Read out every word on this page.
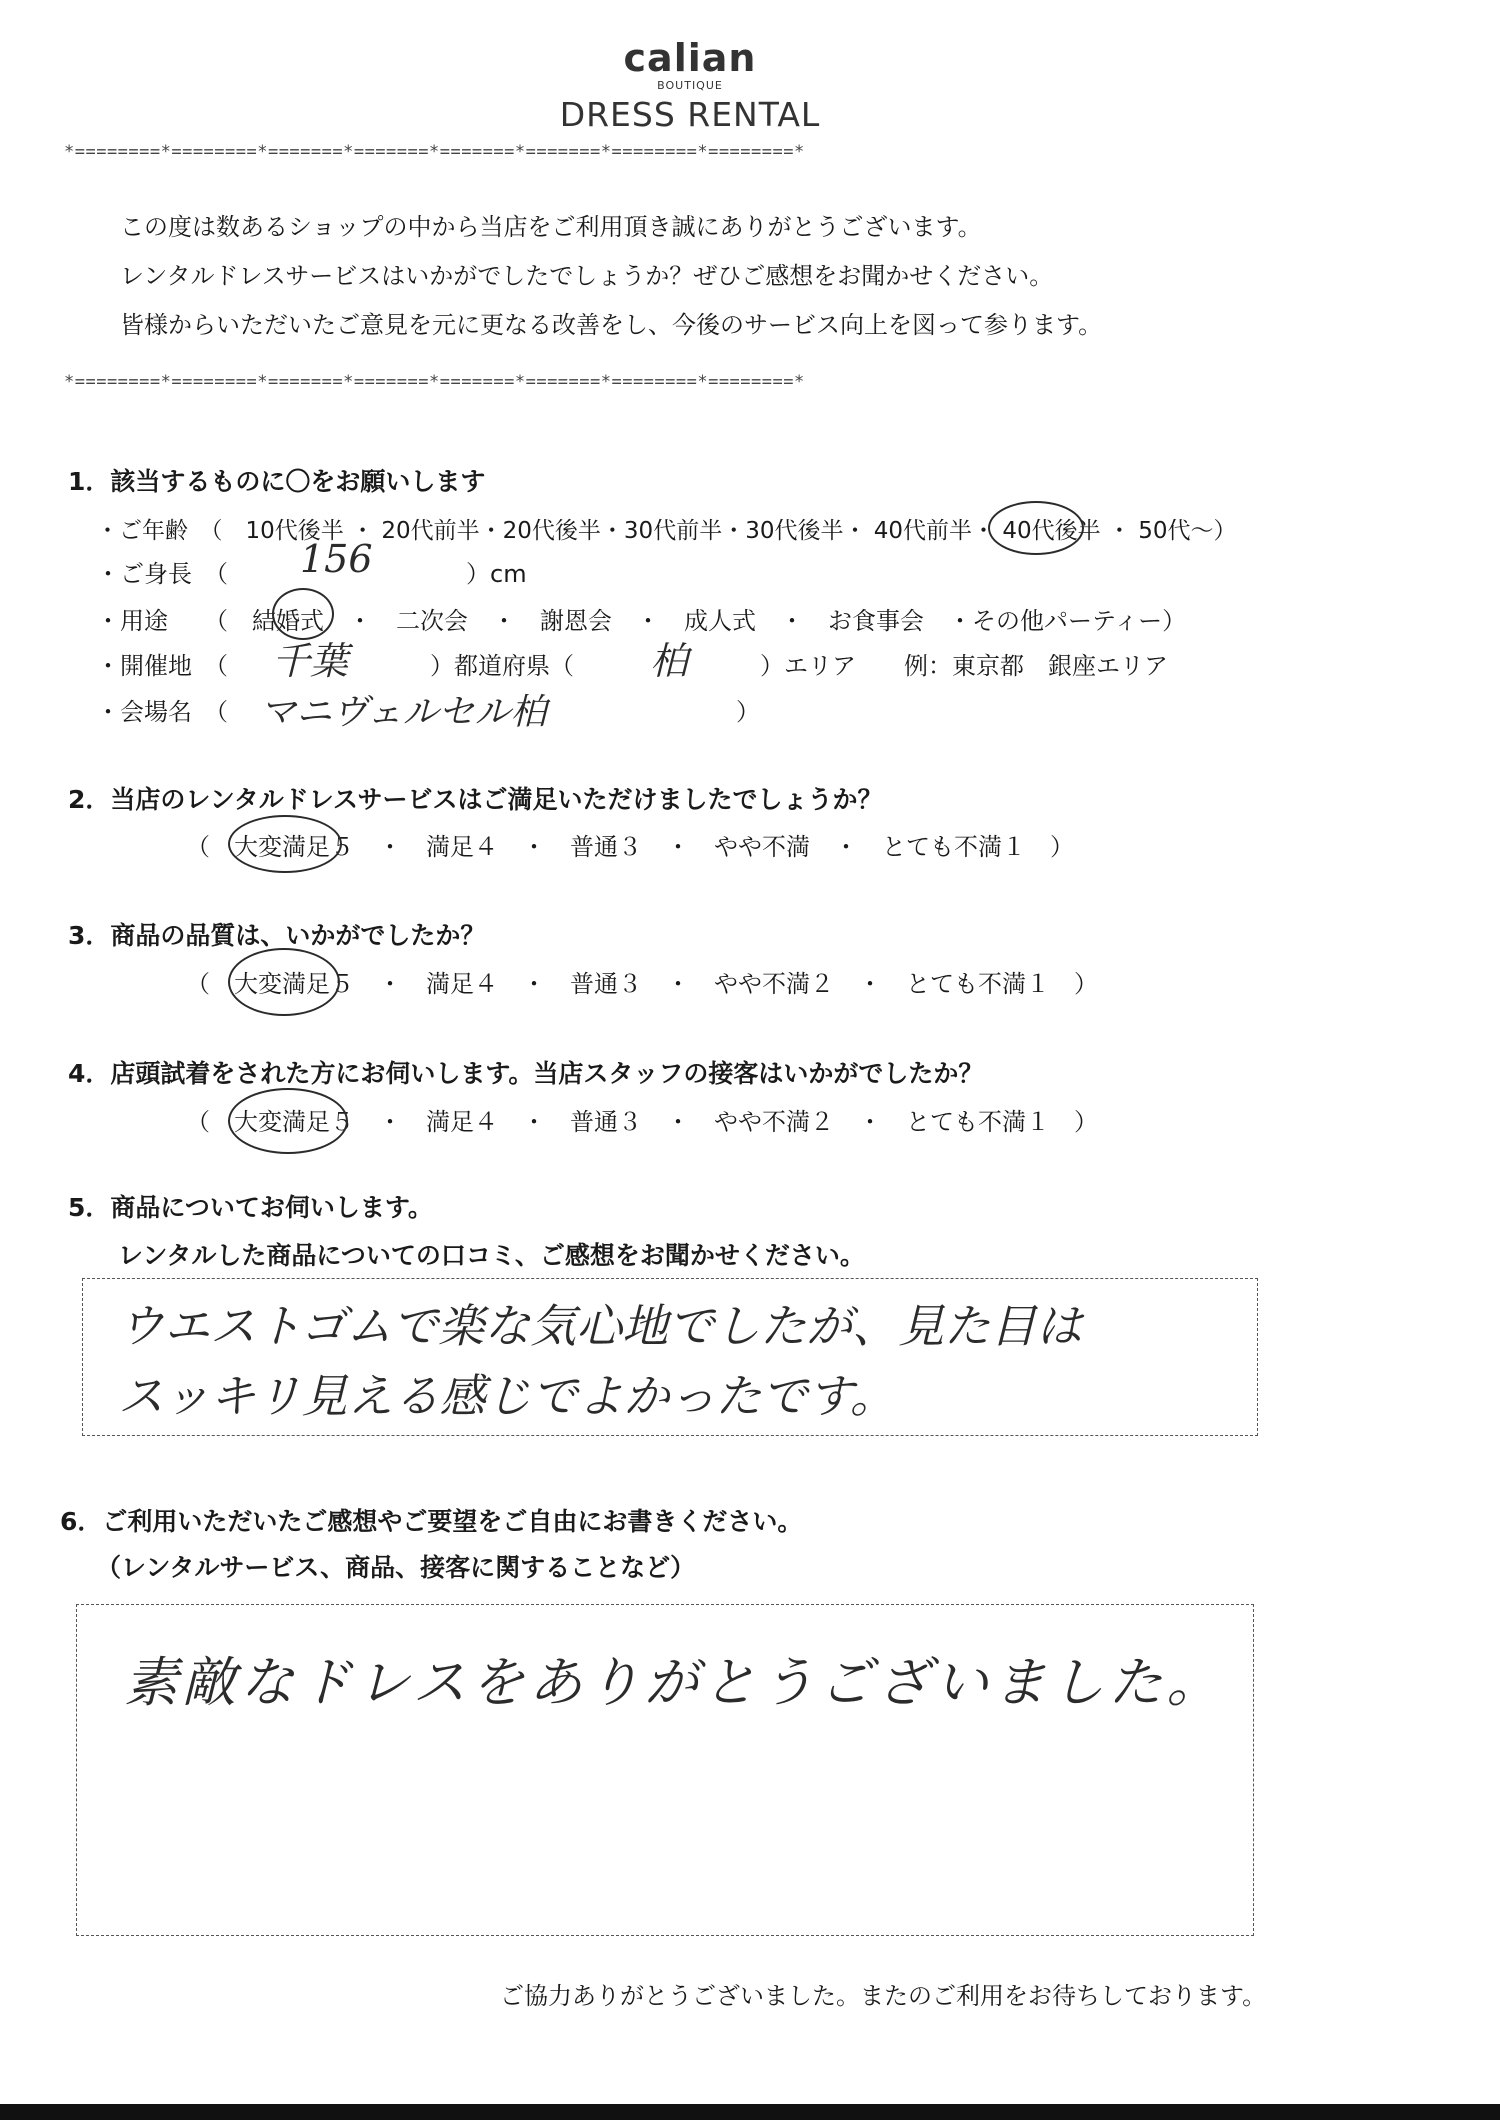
calian
BOUTIQUE
DRESS RENTAL
*========*========*=======*=======*=======*=======*========*========*
この度は数あるショップの中から当店をご利用頂き誠にありがとうございます。
レンタルドレスサービスはいかがでしたでしょうか？ぜひご感想をお聞かせください。
皆様からいただいたご意見を元に更なる改善をし、今後のサービス向上を図って参ります。
*========*========*=======*=======*=======*=======*========*========*
1．該当するものに〇をお願いします
・ご年齢　（　10代後半 ・ 20代前半・20代後半・30代前半・30代後半・ 40代前半・ 40代後半 ・ 50代～）
・ご身長　（ 156	）cm
・用途　　（　結婚式　・　二次会　・　謝恩会　・　成人式　・　お食事会　・その他パーティー）
・開催地　（ 千葉	）都道府県（ 柏	）エリア　　例：東京都　銀座エリア
・会場名　（ マニヴェルセル柏	）
2．当店のレンタルドレスサービスはご満足いただけましたでしょうか？
（　大変満足５　・　満足４　・　普通３　・　やや不満　・　とても不満１　）
3．商品の品質は、いかがでしたか？
（　大変満足５　・　満足４　・　普通３　・　やや不満２　・　とても不満１　）
4．店頭試着をされた方にお伺いします。当店スタッフの接客はいかがでしたか？
（　大変満足５　・　満足４　・　普通３　・　やや不満２　・　とても不満１　）
5．商品についてお伺いします。
レンタルした商品についての口コミ、ご感想をお聞かせください。
ウエストゴムで楽な気心地でしたが、見た目は
スッキリ見える感じでよかったです。
6．ご利用いただいたご感想やご要望をご自由にお書きください。
（レンタルサービス、商品、接客に関することなど）
素敵なドレスをありがとうございました。
ご協力ありがとうございました。またのご利用をお待ちしております。
